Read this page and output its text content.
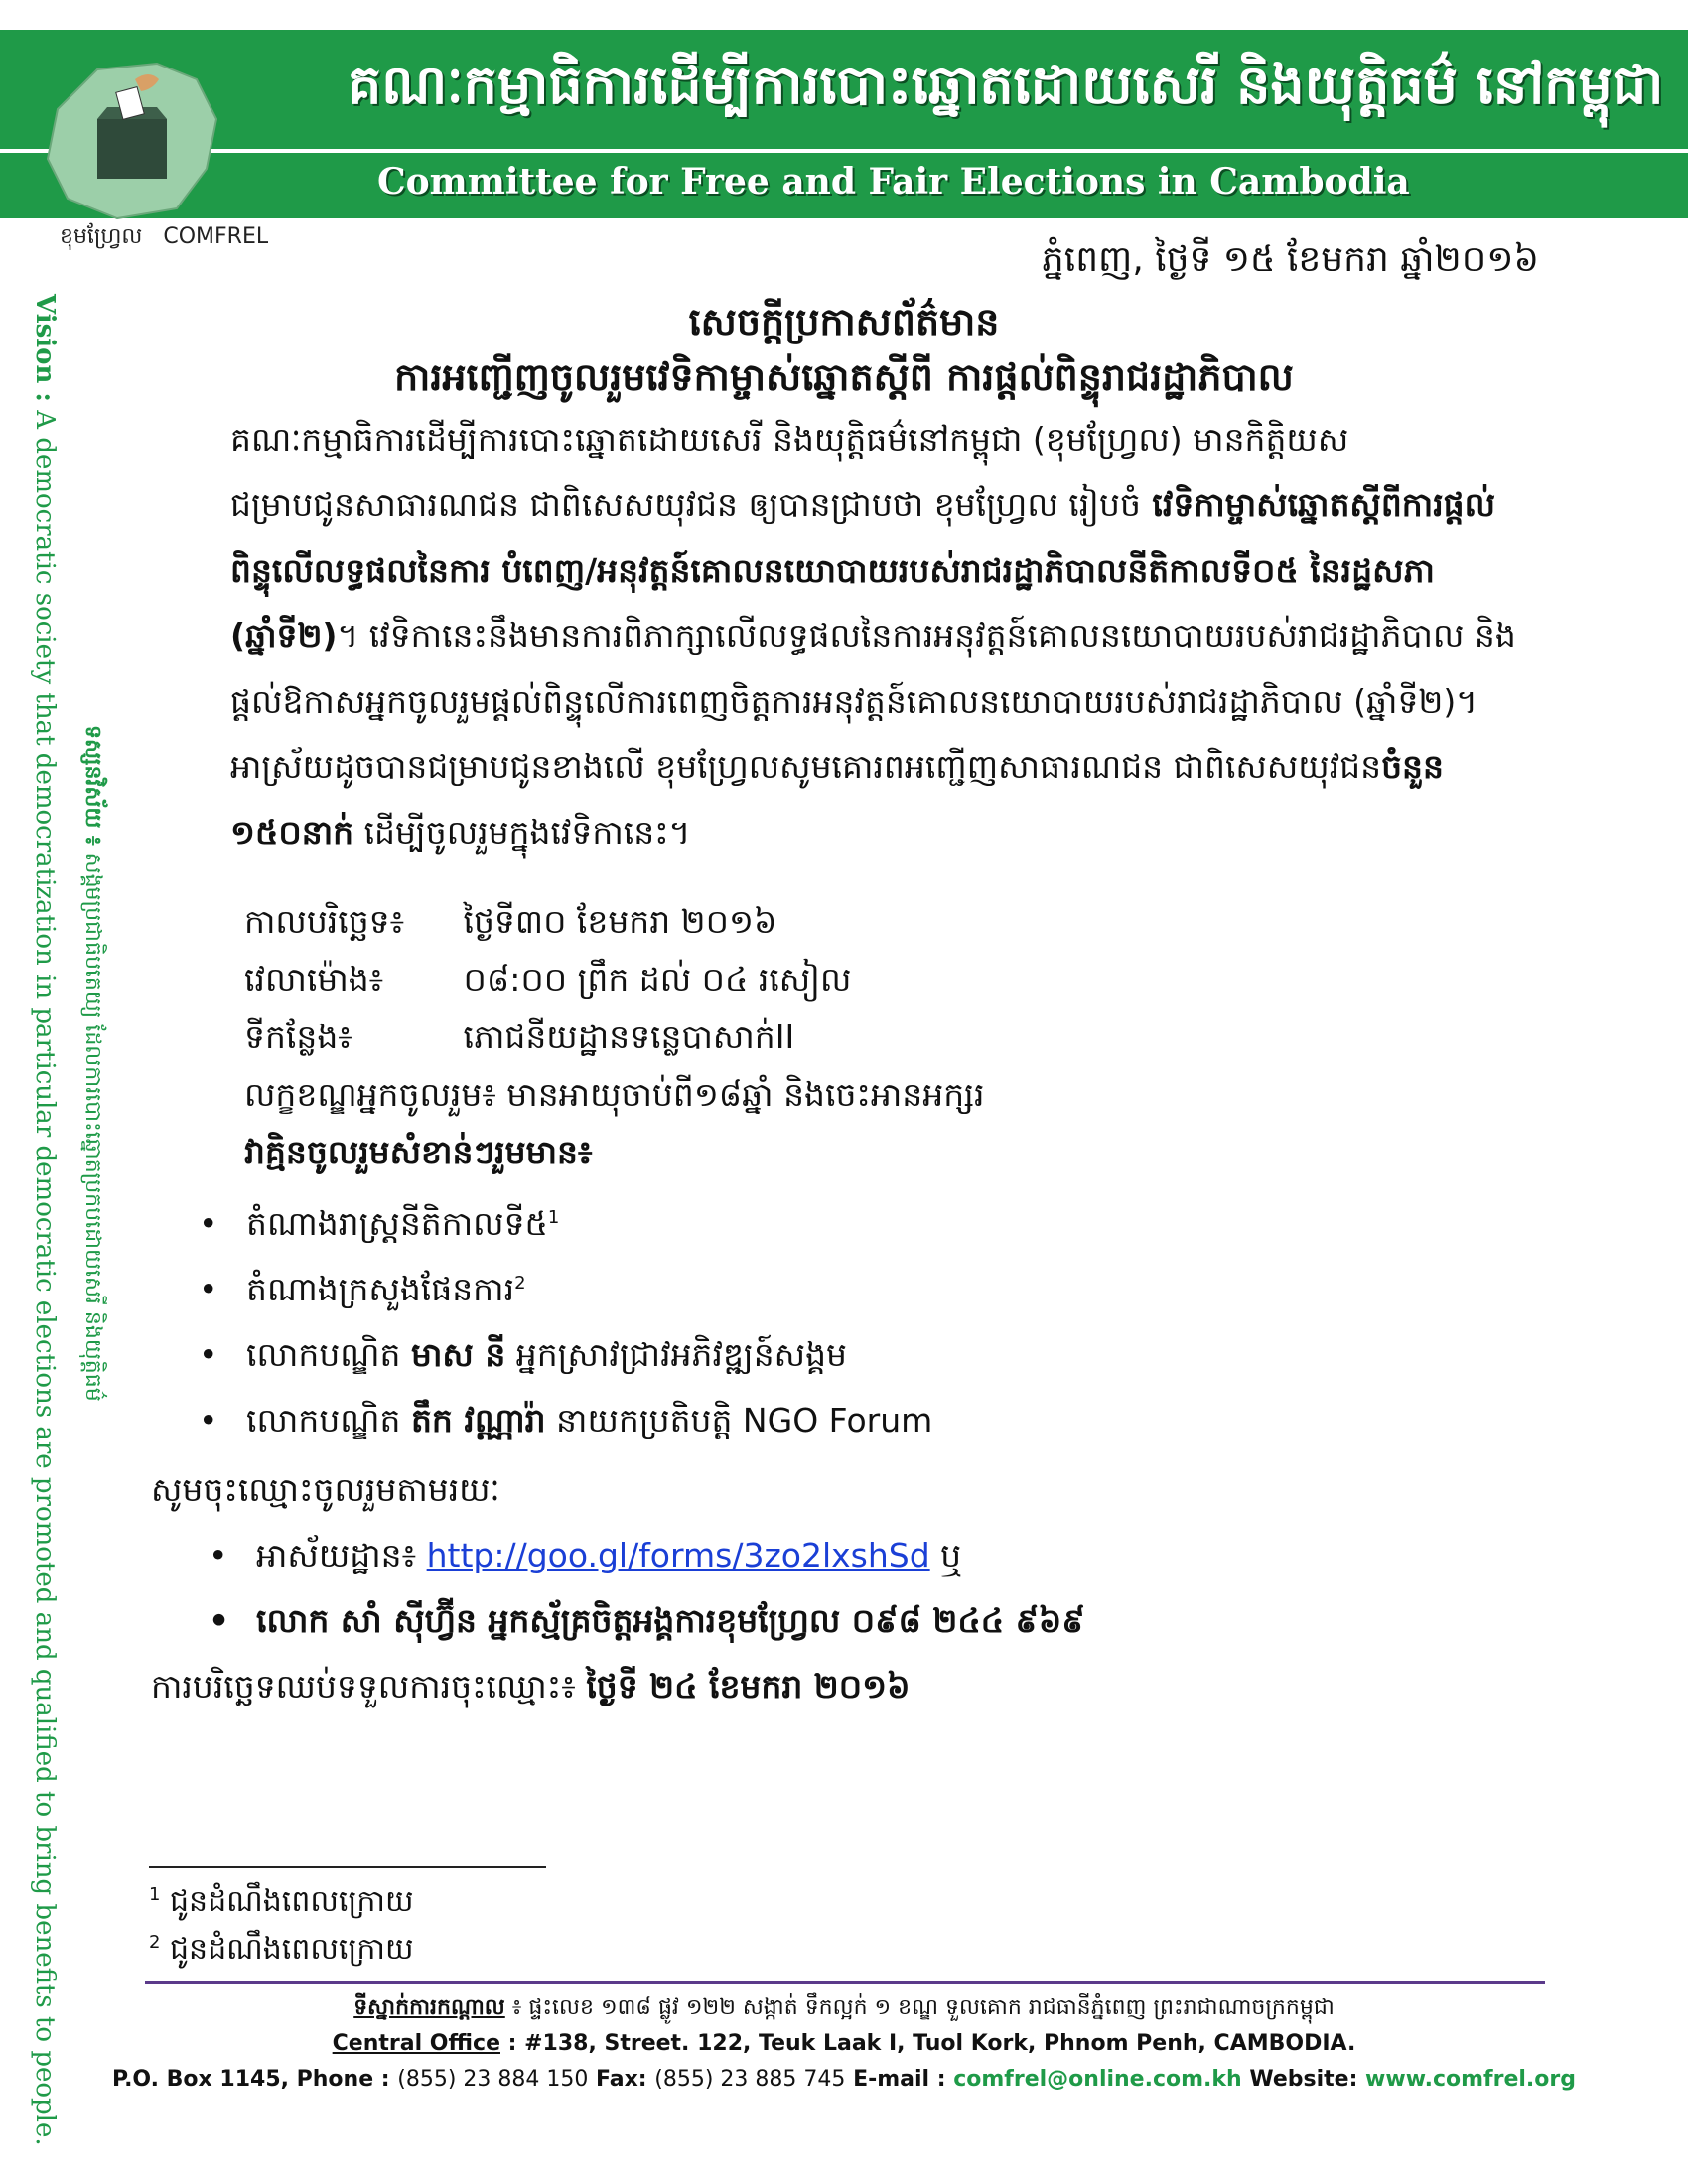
គណៈកម្មាធិការដើម្បីការបោះឆ្នោតដោយសេរី និងយុត្តិធម៌ នៅកម្ពុជា
Committee for Free and Fair Elections in Cambodia
ខុមហ្វ្រែល COMFREL
Vision : A democratic society that democratization in particular democratic elections are promoted and qualified to bring benefits to people. ទស្សនវិស័យ ៖ សង្គមប្រជាធិបតេយ្យ ដែលការបោះឆ្នោតប្រកបដោយសេរី និងយុត្តិធម៌
ភ្នំពេញ, ថ្ងៃទី ១៥ ខែមករា ឆ្នាំ២០១៦
សេចក្តីប្រកាសព័ត៌មាន
ការអញ្ជើញចូលរួមវេទិកាម្ចាស់ឆ្នោតស្តីពី ការផ្តល់ពិន្ទុរាជរដ្ឋាភិបាល
គណៈកម្មាធិការដើម្បីការបោះឆ្នោតដោយសេរី និងយុត្តិធម៌នៅកម្ពុជា (ខុមហ្វ្រែល) មានកិត្តិយសជម្រាបជូនសាធារណជន ជាពិសេសយុវជន ឲ្យបានជ្រាបថា ខុមហ្វ្រែល រៀបចំ វេទិកាម្ចាស់ឆ្នោតស្តីពីការផ្តល់ពិន្ទុលើលទ្ធផលនៃការ បំពេញ/អនុវត្តន៍គោលនយោបាយរបស់រាជរដ្ឋាភិបាលនីតិកាលទី០៥ នៃរដ្ឋសភា (ឆ្នាំទី២)។ វេទិកានេះនឹងមានការពិភាក្សាលើលទ្ធផលនៃការអនុវត្តន៍គោលនយោបាយរបស់រាជរដ្ឋាភិបាល និងផ្តល់ឱកាសអ្នកចូលរួមផ្តល់ពិន្ទុលើការពេញចិត្តការអនុវត្តន៍គោលនយោបាយរបស់រាជរដ្ឋាភិបាល (ឆ្នាំទី២)។
អាស្រ័យដូចបានជម្រាបជូនខាងលើ ខុមហ្វ្រែលសូមគោរពអញ្ជើញសាធារណជន ជាពិសេសយុវជនចំនួន ១៥០នាក់ ដើម្បីចូលរួមក្នុងវេទិកានេះ។
កាលបរិច្ឆេទ៖ ថ្ងៃទី៣០ ខែមករា ២០១៦
វេលាម៉ោង៖ ០៨:០០ ព្រឹក ដល់ ០៤ រសៀល
ទីកន្លែង៖	ភោជនីយដ្ឋានទន្លេបាសាក់II
លក្ខខណ្ឌអ្នកចូលរួម៖ មានអាយុចាប់ពី១៨ឆ្នាំ និងចេះអានអក្សរ
វាគ្មិនចូលរួមសំខាន់ៗរួមមាន៖
• តំណាងរាស្ត្រនីតិកាលទី៥$^1$
• តំណាងក្រសួងផែនការ$^2$
• លោកបណ្ឌិត មាស នី អ្នកស្រាវជ្រាវអភិវឌ្ឍន៍សង្គម
• លោកបណ្ឌិត តឹក វណ្ណារ៉ា នាយកប្រតិបត្តិ NGO Forum
សូមចុះឈ្មោះចូលរួមតាមរយៈ
• អាស័យដ្ឋាន៖ http://goo.gl/forms/3zo2lxshSd ឬ
• លោក សាំ ស៊ីហ្វ៊ីន អ្នកស្ម័គ្រចិត្តអង្គការខុមហ្វ្រែល ០៩៨ ២៤៤ ៩៦៩
ការបរិច្ឆេទឈប់ទទួលការចុះឈ្មោះ៖ ថ្ងៃទី ២៤ ខែមករា ២០១៦
$^1$ ជូនដំណឹងពេលក្រោយ
$^2$ ជូនដំណឹងពេលក្រោយ
ទីស្នាក់ការកណ្តាល ៖ ផ្ទះលេខ ១៣៨ ផ្លូវ ១២២ សង្កាត់ ទឹកល្អក់ ១ ខណ្ឌ ទួលគោក រាជធានីភ្នំពេញ ព្រះរាជាណាចក្រកម្ពុជា
Central Office : #138, Street. 122, Teuk Laak I, Tuol Kork, Phnom Penh, CAMBODIA.
P.O. Box 1145, Phone : (855) 23 884 150 Fax: (855) 23 885 745 E-mail : comfrel@online.com.kh Website: www.comfrel.org
